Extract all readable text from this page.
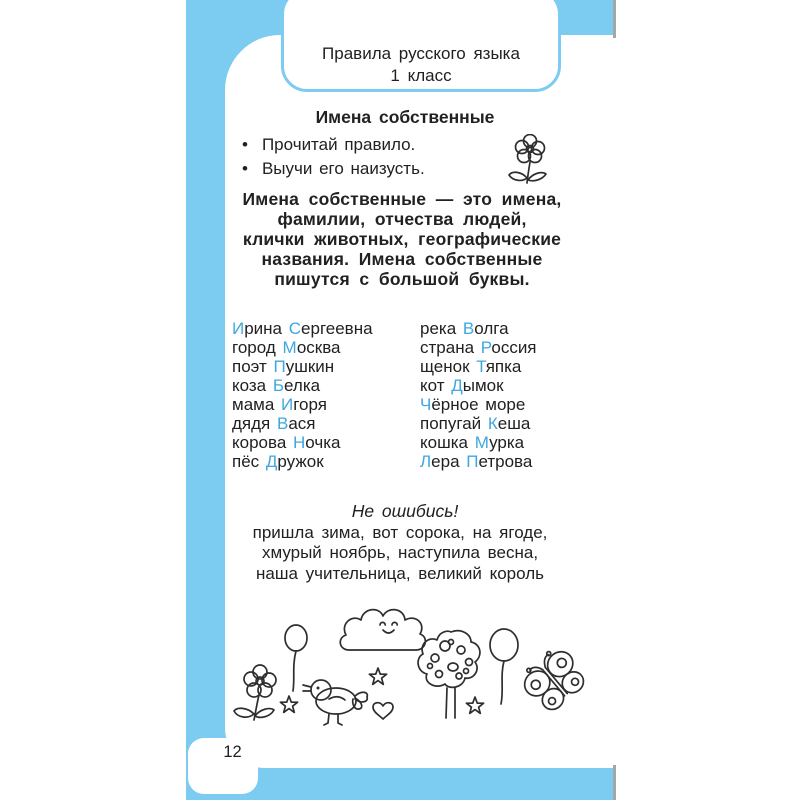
Правила русского языка
1 класс
Имена собственные
• Прочитай правило.
• Выучи его наизусть.
Имена собственные — это имена,
фамилии, отчества людей,
клички животных, географические
названия. Имена собственные
пишутся с большой буквы.
Ирина Сергеевна
город Москва
поэт Пушкин
коза Белка
мама Игоря
дядя Вася
корова Ночка
пёс Дружок
река Волга
страна Россия
щенок Тяпка
кот Дымок
Чёрное море
попугай Кеша
кошка Мурка
Лера Петрова
Не ошибись!
пришла зима, вот сорока, на ягоде,
хмурый ноябрь, наступила весна,
наша учительница, великий король
12
